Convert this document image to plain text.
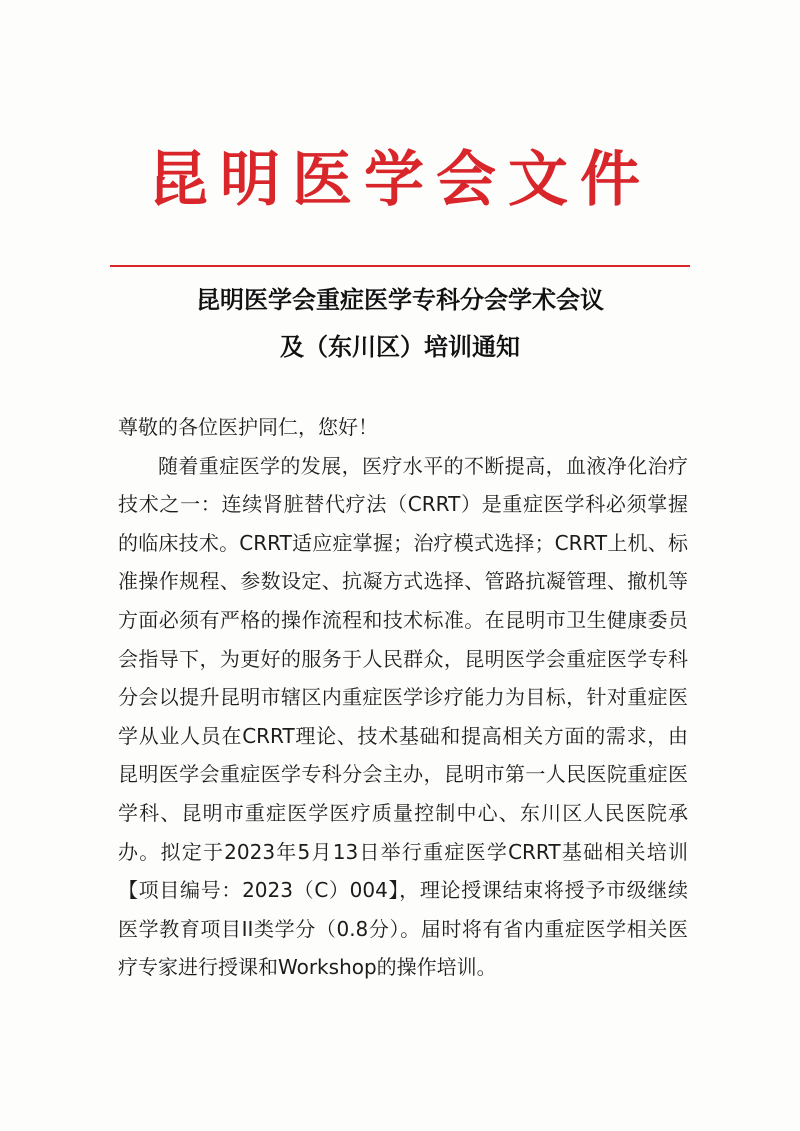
昆明医学会文件
昆明医学会重症医学专科分会学术会议
及（东川区）培训通知
尊敬的各位医护同仁，您好！

随着重症医学的发展，医疗水平的不断提高，血液净化治疗技术之一：连续肾脏替代疗法（CRRT）是重症医学科必须掌握的临床技术。CRRT适应症掌握；治疗模式选择；CRRT上机、标准操作规程、参数设定、抗凝方式选择、管路抗凝管理、撤机等方面必须有严格的操作流程和技术标准。在昆明市卫生健康委员会指导下，为更好的服务于人民群众，昆明医学会重症医学专科分会以提升昆明市辖区内重症医学诊疗能力为目标，针对重症医学从业人员在CRRT理论、技术基础和提高相关方面的需求，由昆明医学会重症医学专科分会主办，昆明市第一人民医院重症医学科、昆明市重症医学医疗质量控制中心、东川区人民医院承办。拟定于2023年5月13日举行重症医学CRRT基础相关培训【项目编号：2023（C）004】，理论授课结束将授予市级继续医学教育项目II类学分（0.8分）。届时将有省内重症医学相关医疗专家进行授课和Workshop的操作培训。
